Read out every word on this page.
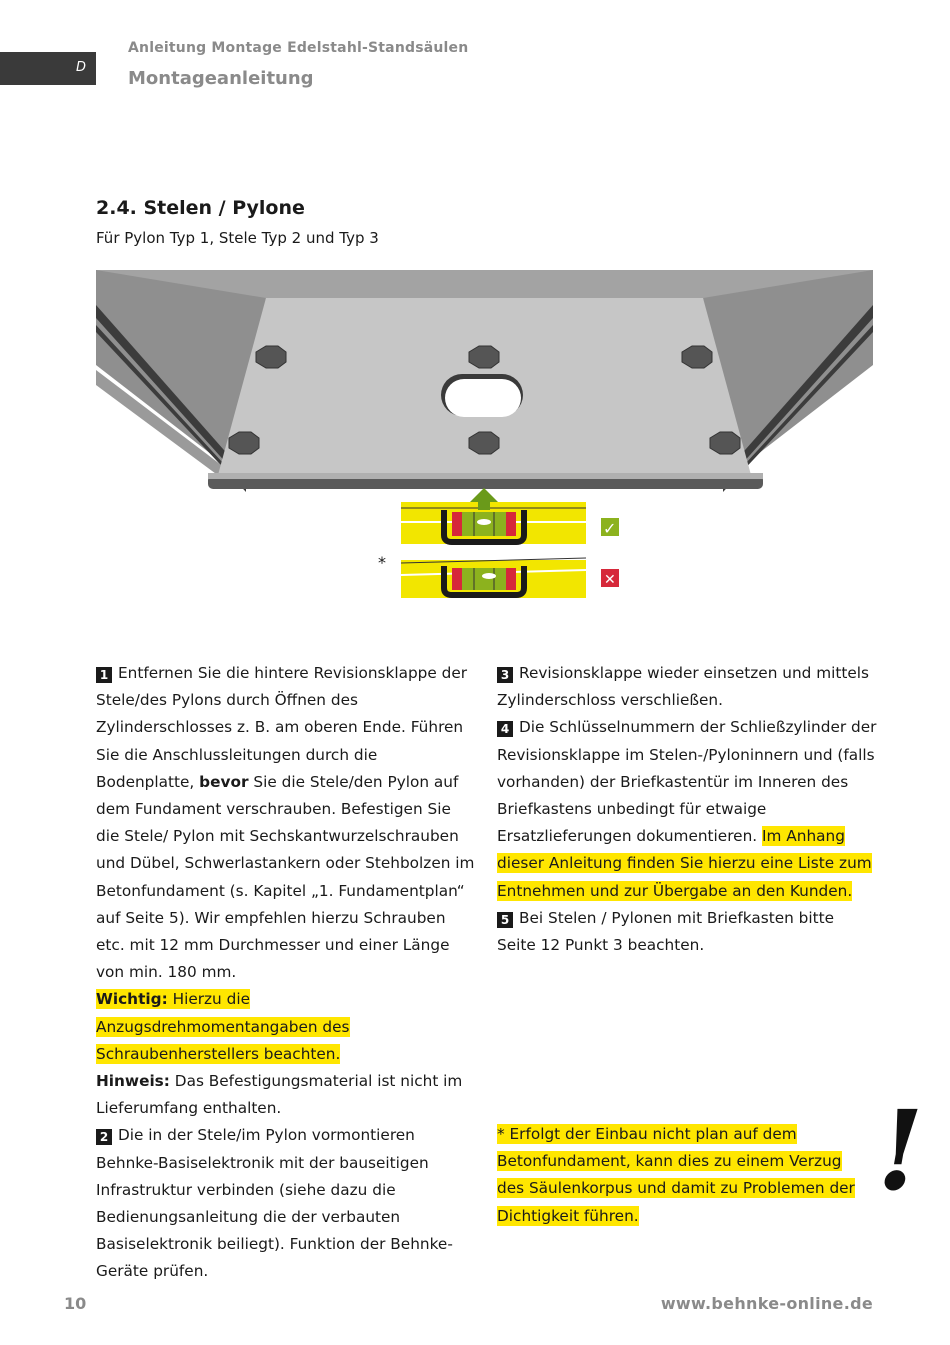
D
Anleitung Montage Edelstahl-Standsäulen
Montageanleitung
2.4. Stelen / Pylone
Für Pylon Typ 1, Stele Typ 2 und Typ 3
*
✓
✕

1 Entfernen Sie die hintere Revisionsklappe der Stele/des Pylons durch Öffnen des Zylinderschlosses z. B. am oberen Ende. Führen Sie die Anschlussleitungen durch die Bodenplatte, bevor Sie die Stele/den Pylon auf dem Fundament verschrauben. Befestigen Sie die Stele/ Pylon mit Sechskantwurzelschrauben und Dübel, Schwerlastankern oder Stehbolzen im Betonfundament (s. Kapitel „1. Fundamentplan“ auf Seite 5). Wir empfehlen hierzu Schrauben etc. mit 12 mm Durchmesser und einer Länge von min. 180 mm.

Wichtig: Hierzu die Anzugsdrehmomentangaben des Schraubenherstellers beachten.

Hinweis: Das Befestigungsmaterial ist nicht im Lieferumfang enthalten.

2 Die in der Stele/im Pylon vormontieren Behnke-Basiselektronik mit der bauseitigen Infrastruktur verbinden (siehe dazu die Bedienungsanleitung die der verbauten Basiselektronik beiliegt). Funktion der Behnke-Geräte prüfen.

3 Revisionsklappe wieder einsetzen und mittels Zylinderschloss verschließen.

4 Die Schlüsselnummern der Schließzylinder der Revisionsklappe im Stelen-/Pyloninnern und (falls vorhanden) der Briefkastentür im Inneren des Briefkastens unbedingt für etwaige Ersatzlieferungen dokumentieren. Im Anhang dieser Anleitung finden Sie hierzu eine Liste zum Entnehmen und zur Übergabe an den Kunden.

5 Bei Stelen / Pylonen mit Briefkasten bitte Seite 12 Punkt 3 beachten.

* Erfolgt der Einbau nicht plan auf dem Betonfundament, kann dies zu einem Verzug des Säulenkorpus und damit zu Problemen der Dichtigkeit führen.
!
10	www.behnke-online.de
